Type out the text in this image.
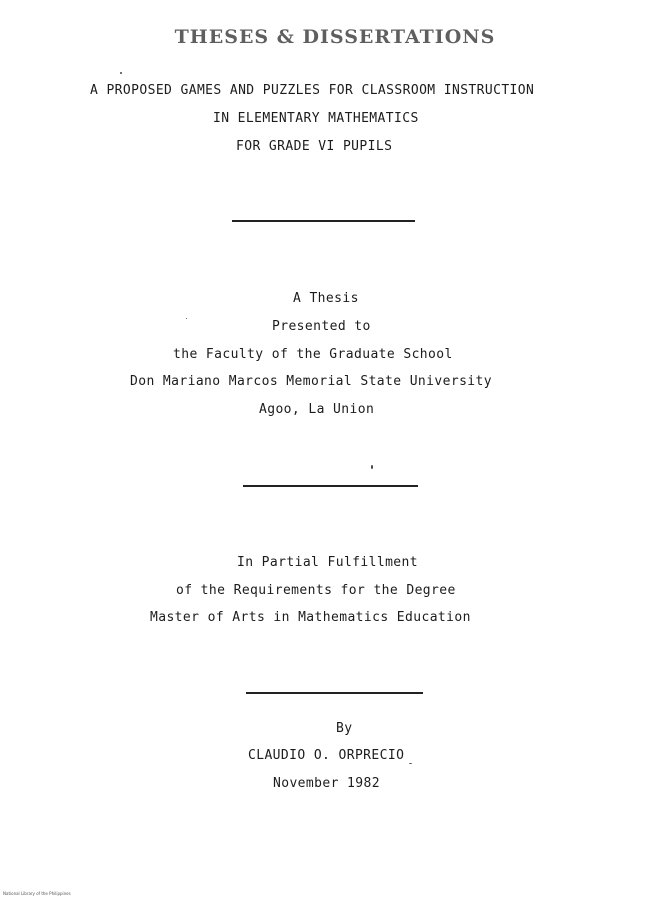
THESES & DISSERTATIONS
A PROPOSED GAMES AND PUZZLES FOR CLASSROOM INSTRUCTION
IN ELEMENTARY MATHEMATICS
FOR GRADE VI PUPILS
A Thesis
Presented to
the Faculty of the Graduate School
Don Mariano Marcos Memorial State University
Agoo, La Union
In Partial Fulfillment
of the Requirements for the Degree
Master of Arts in Mathematics Education
By
CLAUDIO O. ORPRECIO
November 1982
National Library of the Philippines
